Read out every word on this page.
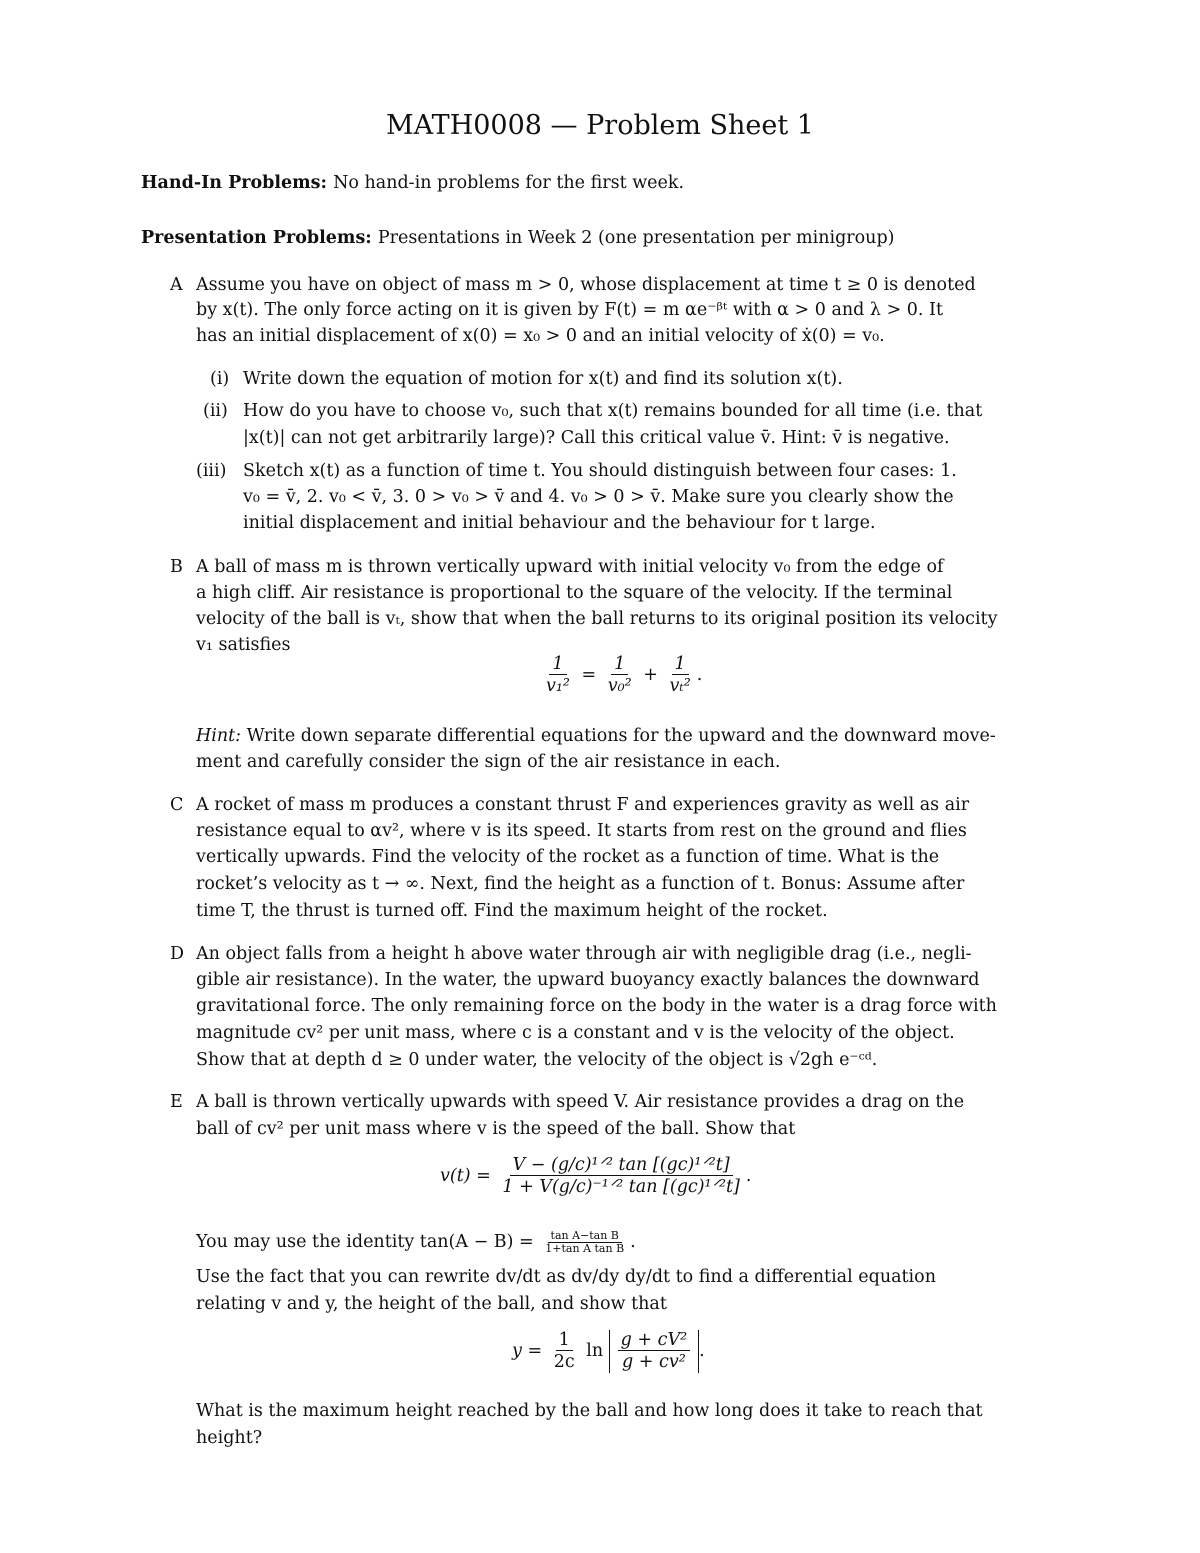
MATH0008 — Problem Sheet 1
Hand-In Problems: No hand-in problems for the first week.
Presentation Problems: Presentations in Week 2 (one presentation per minigroup)
A Assume you have on object of mass m > 0, whose displacement at time t ≥ 0 is denoted
by x(t). The only force acting on it is given by F(t) = m αe⁻ᵝᵗ with α > 0 and λ > 0. It
has an initial displacement of x(0) = x₀ > 0 and an initial velocity of ẋ(0) = v₀.
(i) Write down the equation of motion for x(t) and find its solution x(t).
(ii) How do you have to choose v₀, such that x(t) remains bounded for all time (i.e. that
|x(t)| can not get arbitrarily large)? Call this critical value v̄. Hint: v̄ is negative.
(iii) Sketch x(t) as a function of time t. You should distinguish between four cases: 1.
v₀ = v̄, 2. v₀ < v̄, 3. 0 > v₀ > v̄ and 4. v₀ > 0 > v̄. Make sure you clearly show the
initial displacement and initial behaviour and the behaviour for t large.
B A ball of mass m is thrown vertically upward with initial velocity v₀ from the edge of
a high cliff. Air resistance is proportional to the square of the velocity. If the terminal
velocity of the ball is vₜ, show that when the ball returns to its original position its velocity
v₁ satisfies
$\frac{1}{\text{v₁²}} = \frac{1}{\text{v₀²}} + \frac{1}{\text{vₜ²}}$ .
Hint: Write down separate differential equations for the upward and the downward move-
ment and carefully consider the sign of the air resistance in each.
C A rocket of mass m produces a constant thrust F and experiences gravity as well as air
resistance equal to αv², where v is its speed. It starts from rest on the ground and flies
vertically upwards. Find the velocity of the rocket as a function of time. What is the
rocket’s velocity as t → ∞. Next, find the height as a function of t. Bonus: Assume after
time T, the thrust is turned off. Find the maximum height of the rocket.
D An object falls from a height h above water through air with negligible drag (i.e., negli-
gible air resistance). In the water, the upward buoyancy exactly balances the downward
gravitational force. The only remaining force on the body in the water is a drag force with
magnitude cv² per unit mass, where c is a constant and v is the velocity of the object.
Show that at depth d ≥ 0 under water, the velocity of the object is √2gh e⁻ᶜᵈ.
E A ball is thrown vertically upwards with speed V. Air resistance provides a drag on the
ball of cv² per unit mass where v is the speed of the ball. Show that
$v(t) = \frac{\text{V − (g/c)¹ᐟ² tan [(gc)¹ᐟ²t]}}{\text{1 + V(g/c)⁻¹ᐟ² tan [(gc)¹ᐟ²t]}}$ .
You may use the identity $\tan(A - B) = \frac{\text{tan A−tan B}}{\text{1+tan A tan B}}$ .
Use the fact that you can rewrite dv/dt as dv/dy dy/dt to find a differential equation
relating v and y, the height of the ball, and show that
$y = \frac{1}{2c}$ $\ln \frac{\text{g + cV²}}{\text{g + cv²}}$ .
What is the maximum height reached by the ball and how long does it take to reach that
height?
